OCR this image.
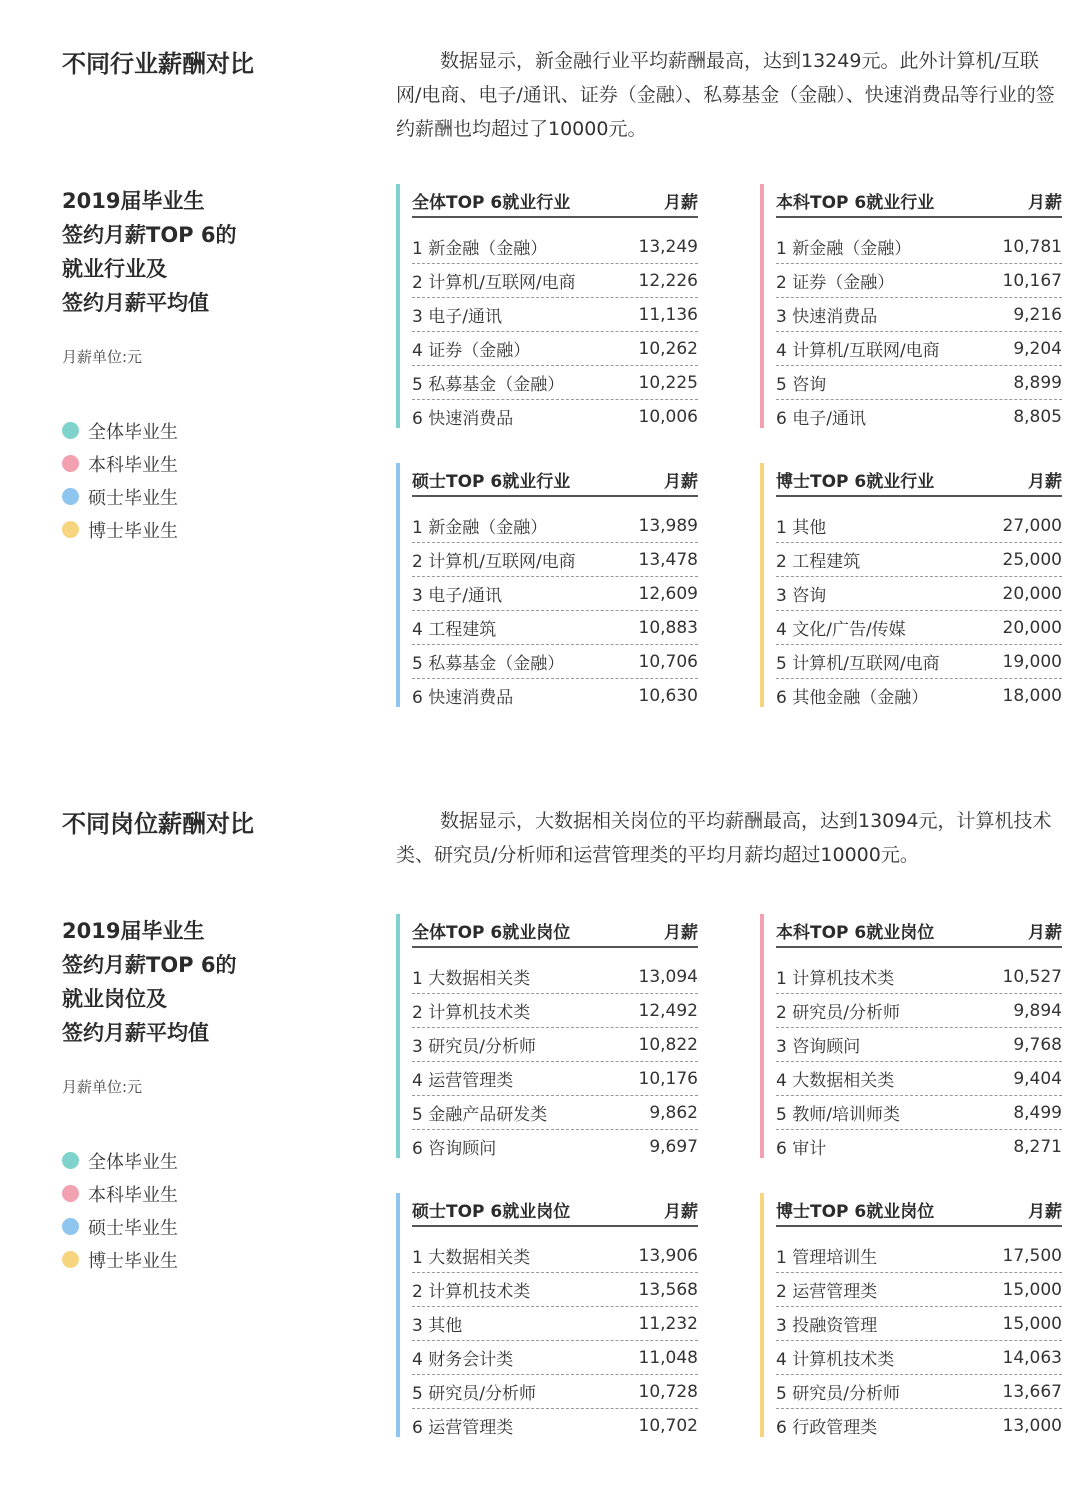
不同行业薪酬对比	数据显示，新金融行业平均薪酬最高，达到13249元。此外计算机/互联网/电商、电子/通讯、证券（金融）、私募基金（金融）、快速消费品等行业的签约薪酬也均超过了10000元。

2019届毕业生
签约月薪TOP 6的
就业行业及
签约月薪平均值
月薪单位:元
全体毕业生
本科毕业生
硕士毕业生
博士毕业生
全体TOP 6就业行业	月薪
1 新金融（金融）	13,249
2 计算机/互联网/电商	12,226
3 电子/通讯	11,136
4 证券（金融）	10,262
5 私募基金（金融）	10,225
6 快速消费品	10,006
本科TOP 6就业行业	月薪
1 新金融（金融）	10,781
2 证券（金融）	10,167
3 快速消费品	9,216
4 计算机/互联网/电商	9,204
5 咨询	8,899
6 电子/通讯	8,805
硕士TOP 6就业行业	月薪
1 新金融（金融）	13,989
2 计算机/互联网/电商	13,478
3 电子/通讯	12,609
4 工程建筑	10,883
5 私募基金（金融）	10,706
6 快速消费品	10,630
博士TOP 6就业行业	月薪
1 其他	27,000
2 工程建筑	25,000
3 咨询	20,000
4 文化/广告/传媒	20,000
5 计算机/互联网/电商	19,000
6 其他金融（金融）	18,000
不同岗位薪酬对比	数据显示，大数据相关岗位的平均薪酬最高，达到13094元，计算机技术类、研究员/分析师和运营管理类的平均月薪均超过10000元。

2019届毕业生
签约月薪TOP 6的
就业岗位及
签约月薪平均值
月薪单位:元
全体毕业生
本科毕业生
硕士毕业生
博士毕业生
全体TOP 6就业岗位	月薪
1 大数据相关类	13,094
2 计算机技术类	12,492
3 研究员/分析师	10,822
4 运营管理类	10,176
5 金融产品研发类	9,862
6 咨询顾问	9,697
本科TOP 6就业岗位	月薪
1 计算机技术类	10,527
2 研究员/分析师	9,894
3 咨询顾问	9,768
4 大数据相关类	9,404
5 教师/培训师类	8,499
6 审计	8,271
硕士TOP 6就业岗位	月薪
1 大数据相关类	13,906
2 计算机技术类	13,568
3 其他	11,232
4 财务会计类	11,048
5 研究员/分析师	10,728
6 运营管理类	10,702
博士TOP 6就业岗位	月薪
1 管理培训生	17,500
2 运营管理类	15,000
3 投融资管理	15,000
4 计算机技术类	14,063
5 研究员/分析师	13,667
6 行政管理类	13,000
